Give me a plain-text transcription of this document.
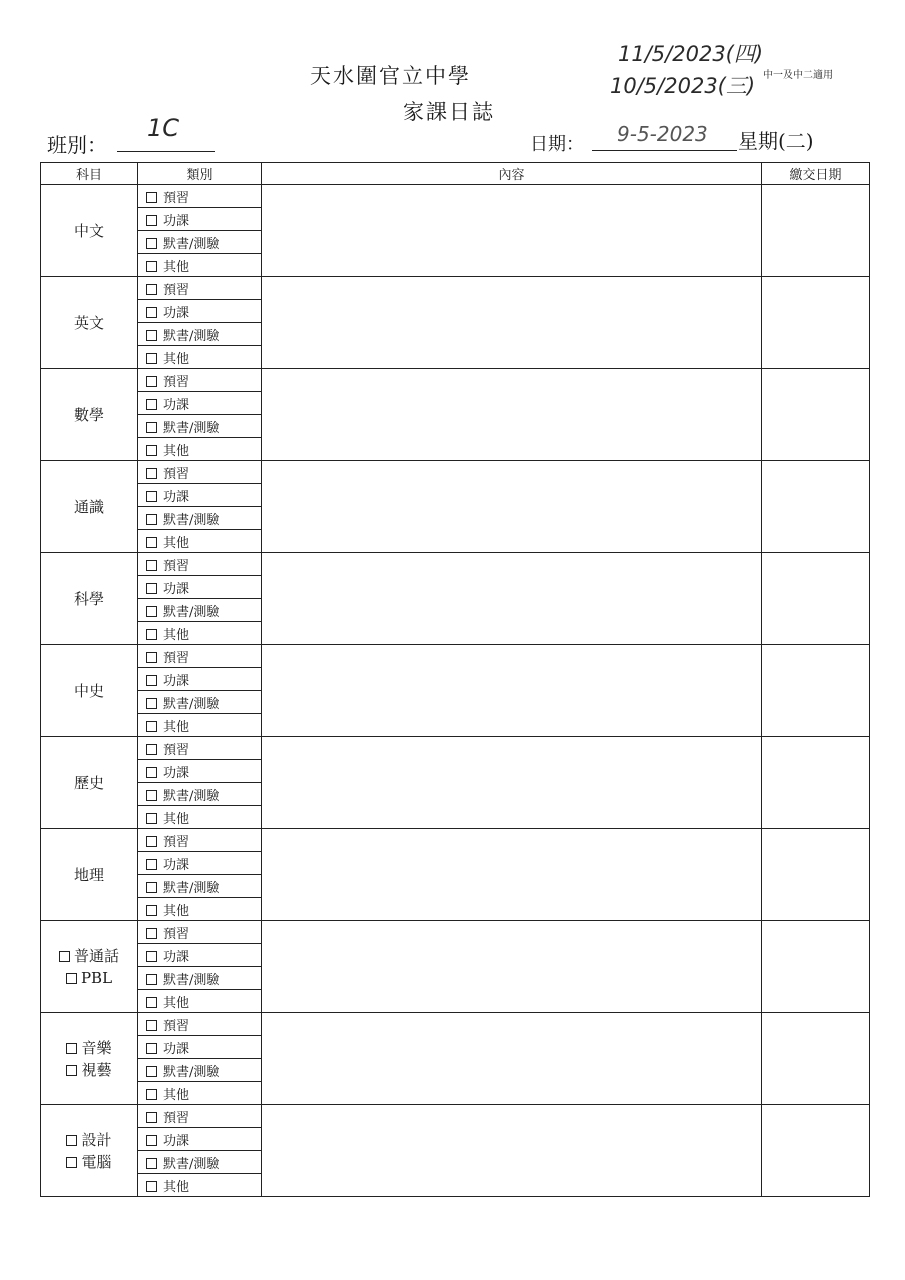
天水圍官立中學
家課日誌
11/5/2023(四)
10/5/2023(三) 中一及中二適用
班別：
1C
日期： 9-5-2023 星期(二)
科目	類別	內容	繳交日期

中文	預習		
	功課		
	默書/測驗		
	其他		

英文	預習		
	功課		
	默書/測驗		
	其他		

數學	預習		
	功課		
	默書/測驗		
	其他		

通識	預習		
	功課		
	默書/測驗		
	其他		

科學	預習		
	功課		
	默書/測驗		
	其他		

中史	預習		
	功課		
	默書/測驗		
	其他		

歷史	預習		
	功課		
	默書/測驗		
	其他		

地理	預習		
	功課		
	默書/測驗		
	其他		

普通話
PBL	預習		
	功課		
	默書/測驗		
	其他		

音樂
視藝	預習		
	功課		
	默書/測驗		
	其他		

設計
電腦	預習		
	功課		
	默書/測驗		
	其他		
